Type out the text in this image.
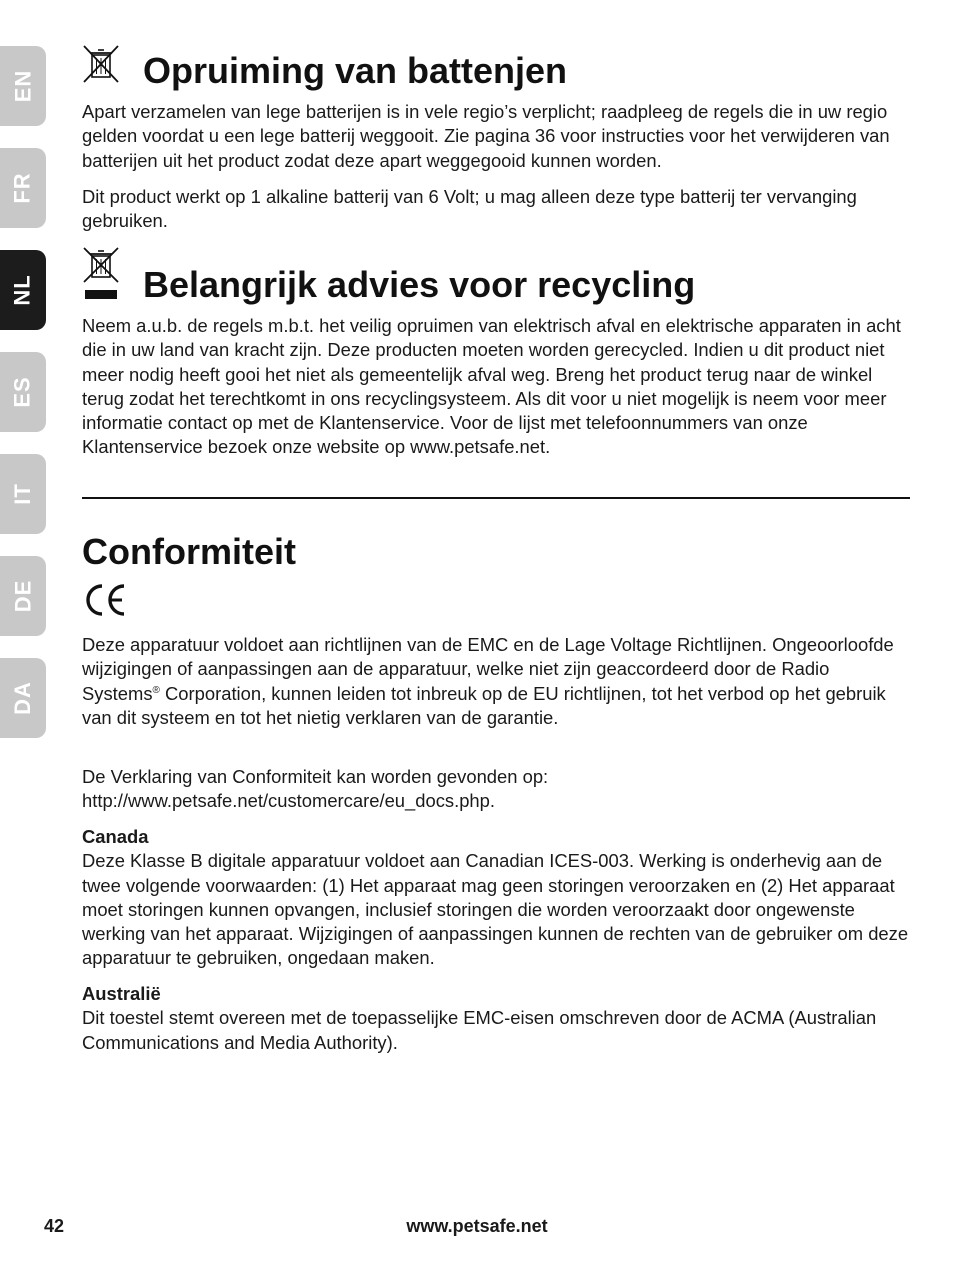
EN
FR
NL
ES
IT
DE
DA
Opruiming van battenjen

Apart verzamelen van lege batterijen is in vele regio’s verplicht; raadpleeg de regels die in uw regio gelden voordat u een lege batterij weggooit. Zie pagina 36 voor instructies voor het verwijderen van batterijen uit het product zodat deze apart weggegooid kunnen worden.

Dit product werkt op 1 alkaline batterij van 6 Volt; u mag alleen deze type batterij ter vervanging gebruiken.

Belangrijk advies voor recycling

Neem a.u.b. de regels m.b.t. het veilig opruimen van elektrisch afval en elektrische apparaten in acht die in uw land van kracht zijn. Deze producten moeten worden gerecycled. Indien u dit product niet meer nodig heeft gooi het niet als gemeentelijk afval weg. Breng het product terug naar de winkel terug zodat het terechtkomt in ons recyclingsysteem. Als dit voor u niet mogelijk is neem voor meer informatie contact op met de Klantenservice. Voor de lijst met telefoonnummers van onze Klantenservice bezoek onze website op www.petsafe.net.

Conformiteit

Deze apparatuur voldoet aan richtlijnen van de EMC en de Lage Voltage Richtlijnen. Ongeoorloofde wijzigingen of aanpassingen aan de apparatuur, welke niet zijn geaccordeerd door de Radio Systems® Corporation, kunnen leiden tot inbreuk op de EU richtlijnen, tot het verbod op het gebruik van dit systeem en tot het nietig verklaren van de garantie.

De Verklaring van Conformiteit kan worden gevonden op:
http://www.petsafe.net/customercare/eu_docs.php.

Canada

Deze Klasse B digitale apparatuur voldoet aan Canadian ICES-003. Werking is onderhevig aan de twee volgende voorwaarden: (1) Het apparaat mag geen storingen veroorzaken en (2) Het apparaat moet storingen kunnen opvangen, inclusief storingen die worden veroorzaakt door ongewenste werking van het apparaat. Wijzigingen of aanpassingen kunnen de rechten van de gebruiker om deze apparatuur te gebruiken, ongedaan maken.

Australië

Dit toestel stemt overeen met de toepasselijke EMC-eisen omschreven door de ACMA (Australian Communications and Media Authority).

www.petsafe.net
42
